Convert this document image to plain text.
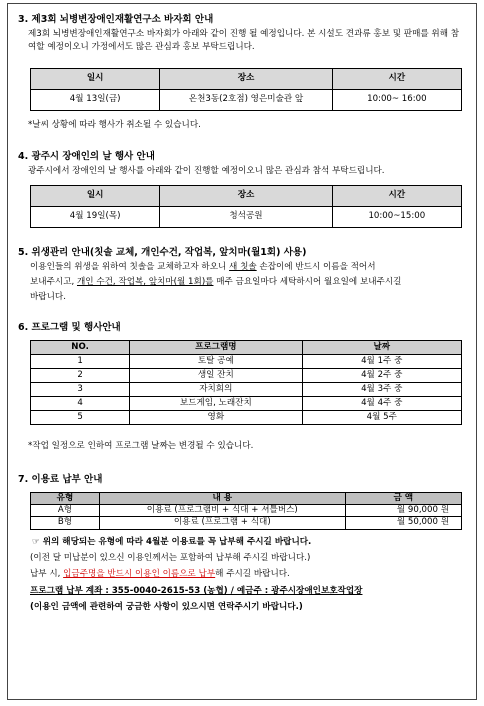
3. 제3회 뇌병변장애인재활연구소 바자회 안내
제3회 뇌병변장애인재활연구소 바자회가 아래와 같이 진행 될 예정입니다. 본 시설도 견과류 홍보 및 판매를 위해 참여할 예정이오니 가정에서도 많은 관심과 홍보 부탁드립니다.
일시	장소	시간
4월 13일(금)	온천3동(2호점) 영은미술관 앞	10:00~ 16:00
*날씨 상황에 따라 행사가 취소될 수 있습니다.
4. 광주시 장애인의 날 행사 안내
광주시에서 장애인의 날 행사를 아래와 같이 진행할 예정이오니 많은 관심과 참석 부탁드립니다.
일시	장소	시간
4월 19일(목)	청석공원	10:00~15:00
5. 위생관리 안내(칫솔 교체, 개인수건, 작업복, 앞치마(월1회) 사용)
이용인들의 위생을 위하여 칫솔을 교체하고자 하오니 새 칫솔 손잡이에 반드시 이름을 적어서
보내주시고, 개인 수건, 작업복, 앞치마(월 1회)를 매주 금요일마다 세탁하시어 월요일에 보내주시길
바랍니다.
6. 프로그램 및 행사안내
NO.	프로그램명	날짜
1	토탈 공예	4월 1주 중
2	생일 잔치	4월 2주 중
3	자치회의	4월 3주 중
4	보드게임, 노래잔치	4월 4주 중
5	영화	4월 5주
*작업 일정으로 인하여 프로그램 날짜는 변경될 수 있습니다.
7. 이용료 납부 안내
유형	내 용	금 액
A형	이용료 (프로그램비 + 식대 + 셔틀버스)	월 90,000 원
B형	이용료 (프로그램 + 식대)	월 50,000 원
☞ 위의 해당되는 유형에 따라 4월분 이용료를 꼭 납부해 주시길 바랍니다.
(이전 달 미납분이 있으신 이용인께서는 포함하여 납부해 주시길 바랍니다.)
납부 시, 입금주명을 반드시 이용인 이름으로 납부해 주시길 바랍니다.
프로그램 납부 계좌 : 355-0040-2615-53 (농협) / 예금주 : 광주시장애인보호작업장
(이용인 금액에 관련하여 궁금한 사항이 있으시면 연락주시기 바랍니다.)
